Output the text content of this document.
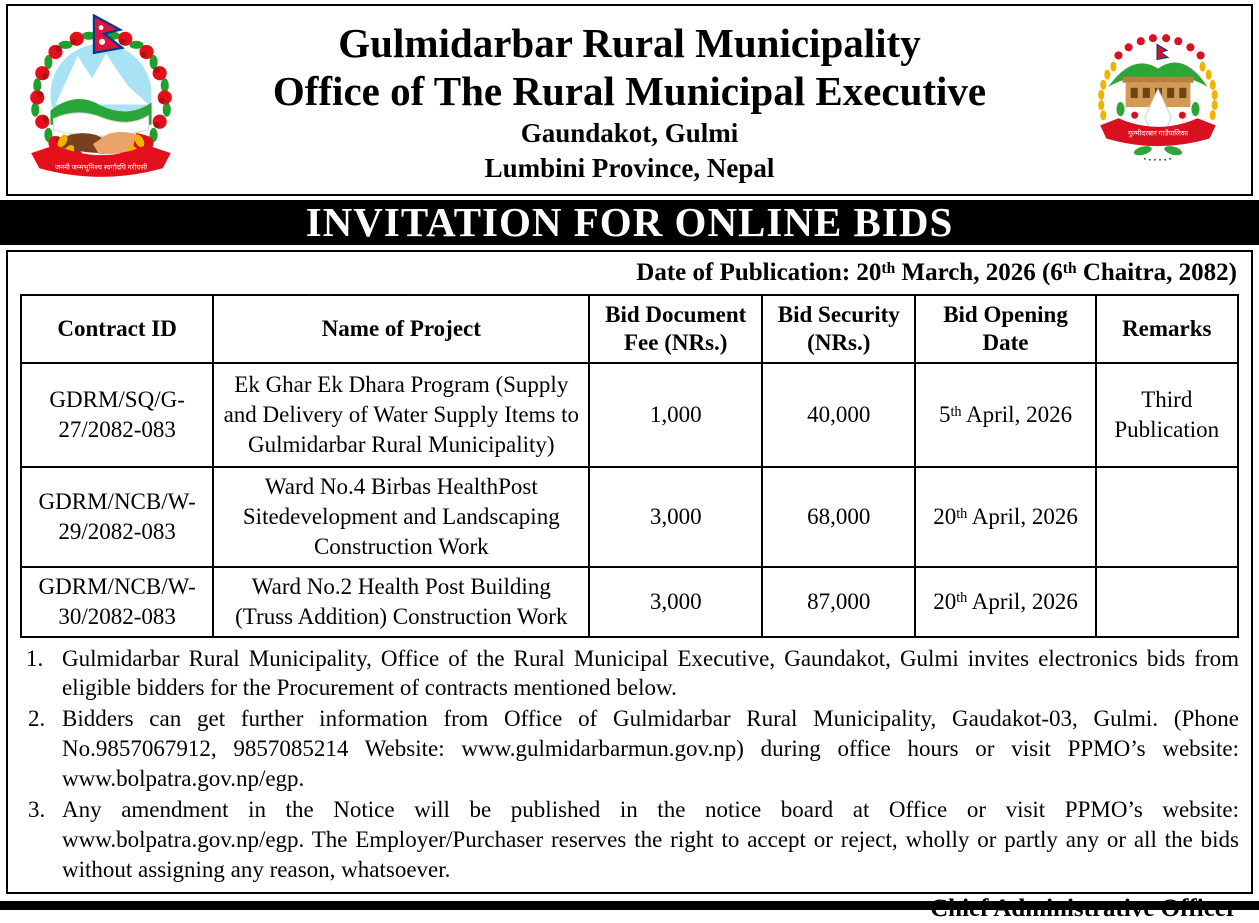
जननी जन्मभूमिश्च स्वर्गादपि गरीयसी
Gulmidarbar Rural Municipality
Office of The Rural Municipal Executive
Gaundakot, Gulmi
Lumbini Province, Nepal
गुल्मीदरबार गाउँपालिका
INVITATION FOR ONLINE BIDS
Date of Publication: 20th March, 2026 (6th Chaitra, 2082)
Contract ID	Name of Project	Bid Document Fee (NRs.)	Bid Security (NRs.)	Bid Opening Date	Remarks
GDRM/SQ/G-27/2082-083	Ek Ghar Ek Dhara Program (Supply and Delivery of Water Supply Items to Gulmidarbar Rural Municipality)	1,000	40,000	5th April, 2026	Third Publication
GDRM/NCB/W-29/2082-083	Ward No.4 Birbas HealthPost Sitedevelopment and Landscaping Construction Work	3,000	68,000	20th April, 2026	
GDRM/NCB/W-30/2082-083	Ward No.2 Health Post Building (Truss Addition) Construction Work	3,000	87,000	20th April, 2026	
1. Gulmidarbar Rural Municipality, Office of the Rural Municipal Executive, Gaundakot, Gulmi invites electronics bids from eligible bidders for the Procurement of contracts mentioned below.
2. Bidders can get further information from Office of Gulmidarbar Rural Municipality, Gaudakot-03, Gulmi. (Phone No.9857067912, 9857085214 Website: www.gulmidarbarmun.gov.np) during office hours or visit PPMO’s website: www.bolpatra.gov.np/egp.
3. Any amendment in the Notice will be published in the notice board at Office or visit PPMO’s website: www.bolpatra.gov.np/egp. The Employer/Purchaser reserves the right to accept or reject, wholly or partly any or all the bids without assigning any reason, whatsoever.
